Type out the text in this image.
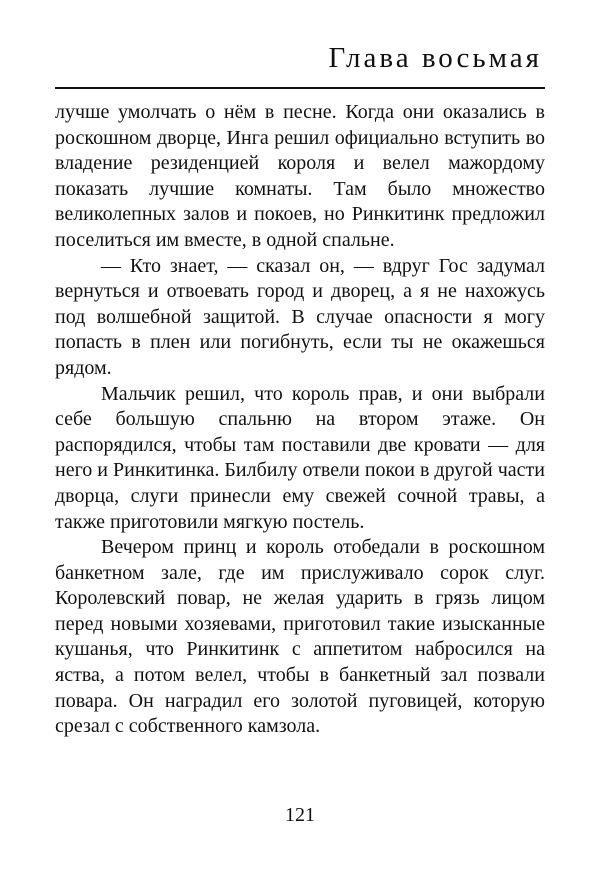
Глава восьмая

лучше умолчать о нём в песне. Когда они оказались в роскошном дворце, Инга решил официально вступить во владение резиденцией короля и велел мажордому показать лучшие комнаты. Там было множество великолепных залов и покоев, но Ринкитинк предложил поселиться им вместе, в одной спальне.

— Кто знает, — сказал он, — вдруг Гос задумал вернуться и отвоевать город и дворец, а я не нахожусь под волшебной защитой. В случае опасности я могу попасть в плен или погибнуть, если ты не окажешься рядом.

Мальчик решил, что король прав, и они выбрали себе большую спальню на втором этаже. Он распорядился, чтобы там поставили две кровати — для него и Ринкитинка. Билбилу отвели покои в другой части дворца, слуги принесли ему свежей сочной травы, а также приготовили мягкую постель.

Вечером принц и король отобедали в роскошном банкетном зале, где им прислуживало сорок слуг. Королевский повар, не желая ударить в грязь лицом перед новыми хозяевами, приготовил такие изысканные кушанья, что Ринкитинк с аппетитом набросился на яства, а потом велел, чтобы в банкетный зал позвали повара. Он наградил его золотой пуговицей, которую срезал с собственного камзола.

121
